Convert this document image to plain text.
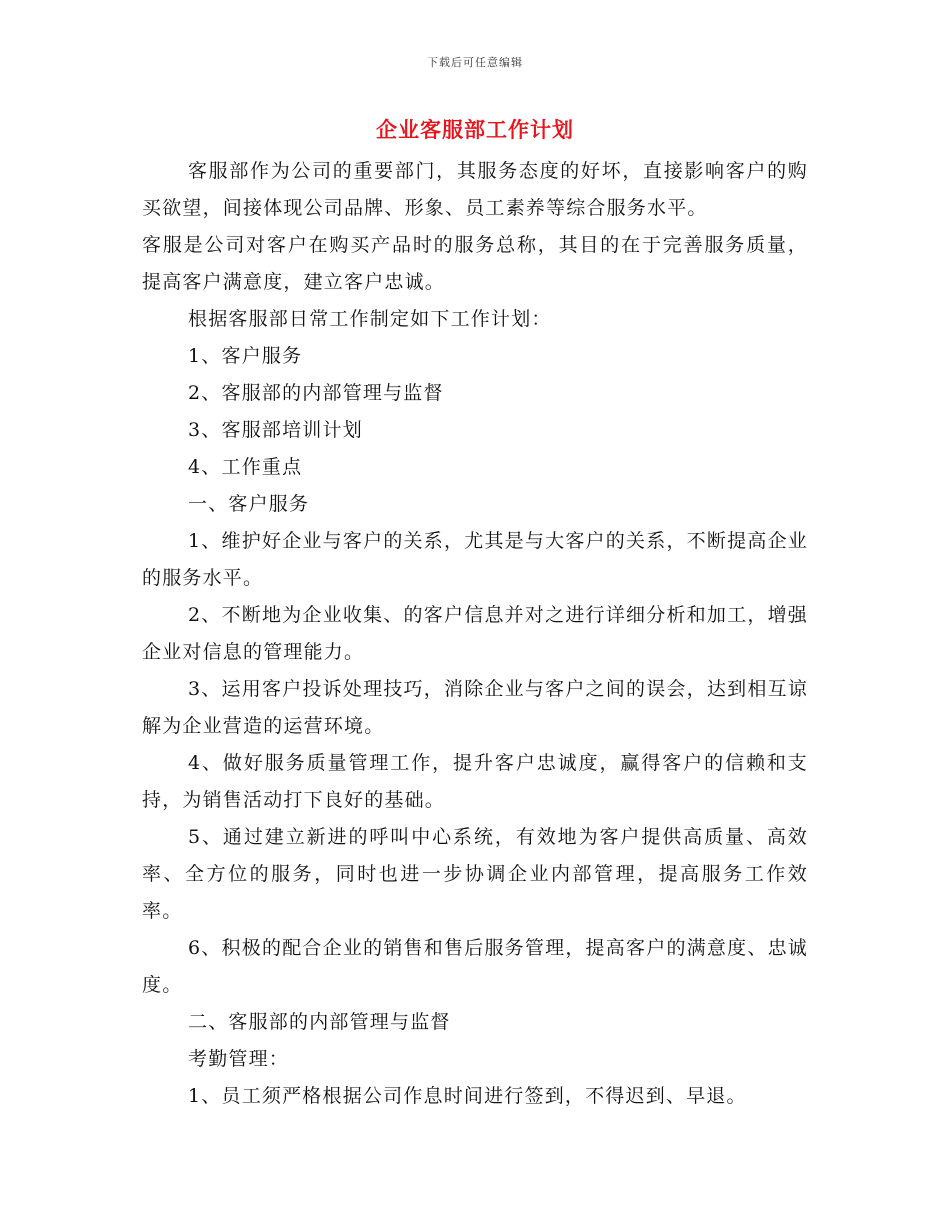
下载后可任意编辑
企业客服部工作计划

客服部作为公司的重要部门，其服务态度的好坏，直接影响客户的购买欲望，间接体现公司品牌、形象、员工素养等综合服务水平。

客服是公司对客户在购买产品时的服务总称，其目的在于完善服务质量，提高客户满意度，建立客户忠诚。

根据客服部日常工作制定如下工作计划：

1、客户服务

2、客服部的内部管理与监督

3、客服部培训计划

4、工作重点

一、客户服务

1、维护好企业与客户的关系，尤其是与大客户的关系，不断提高企业的服务水平。

2、不断地为企业收集、的客户信息并对之进行详细分析和加工，增强企业对信息的管理能力。

3、运用客户投诉处理技巧，消除企业与客户之间的误会，达到相互谅解为企业营造的运营环境。

4、做好服务质量管理工作，提升客户忠诚度，赢得客户的信赖和支持，为销售活动打下良好的基础。

5、通过建立新进的呼叫中心系统，有效地为客户提供高质量、高效率、全方位的服务，同时也进一步协调企业内部管理，提高服务工作效率。

6、积极的配合企业的销售和售后服务管理，提高客户的满意度、忠诚度。

二、客服部的内部管理与监督

考勤管理：

1、员工须严格根据公司作息时间进行签到，不得迟到、早退。
